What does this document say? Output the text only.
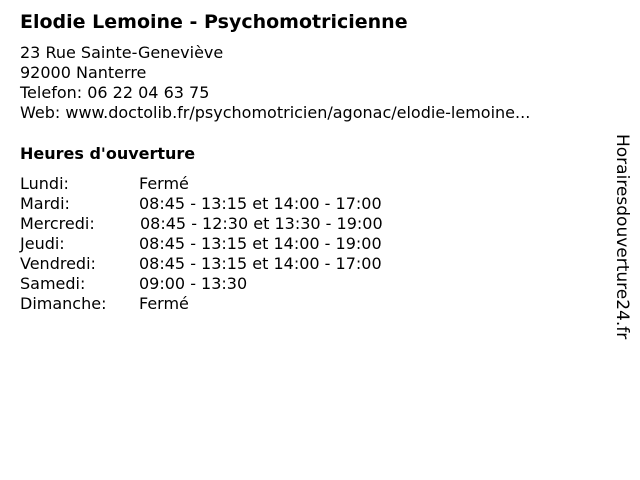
Elodie Lemoine - Psychomotricienne
23 Rue Sainte-Geneviève
92000 Nanterre
Telefon: 06 22 04 63 75
Web: www.doctolib.fr/psychomotricien/agonac/elodie-lemoine...
Heures d'ouverture
Lundi:	Fermé
Mardi:	08:45 - 13:15 et 14:00 - 17:00
Mercredi:	08:45 - 12:30 et 13:30 - 19:00
Jeudi:	08:45 - 13:15 et 14:00 - 19:00
Vendredi:	08:45 - 13:15 et 14:00 - 17:00
Samedi:	09:00 - 13:30
Dimanche: Fermé	Horairesdouverture24.fr
